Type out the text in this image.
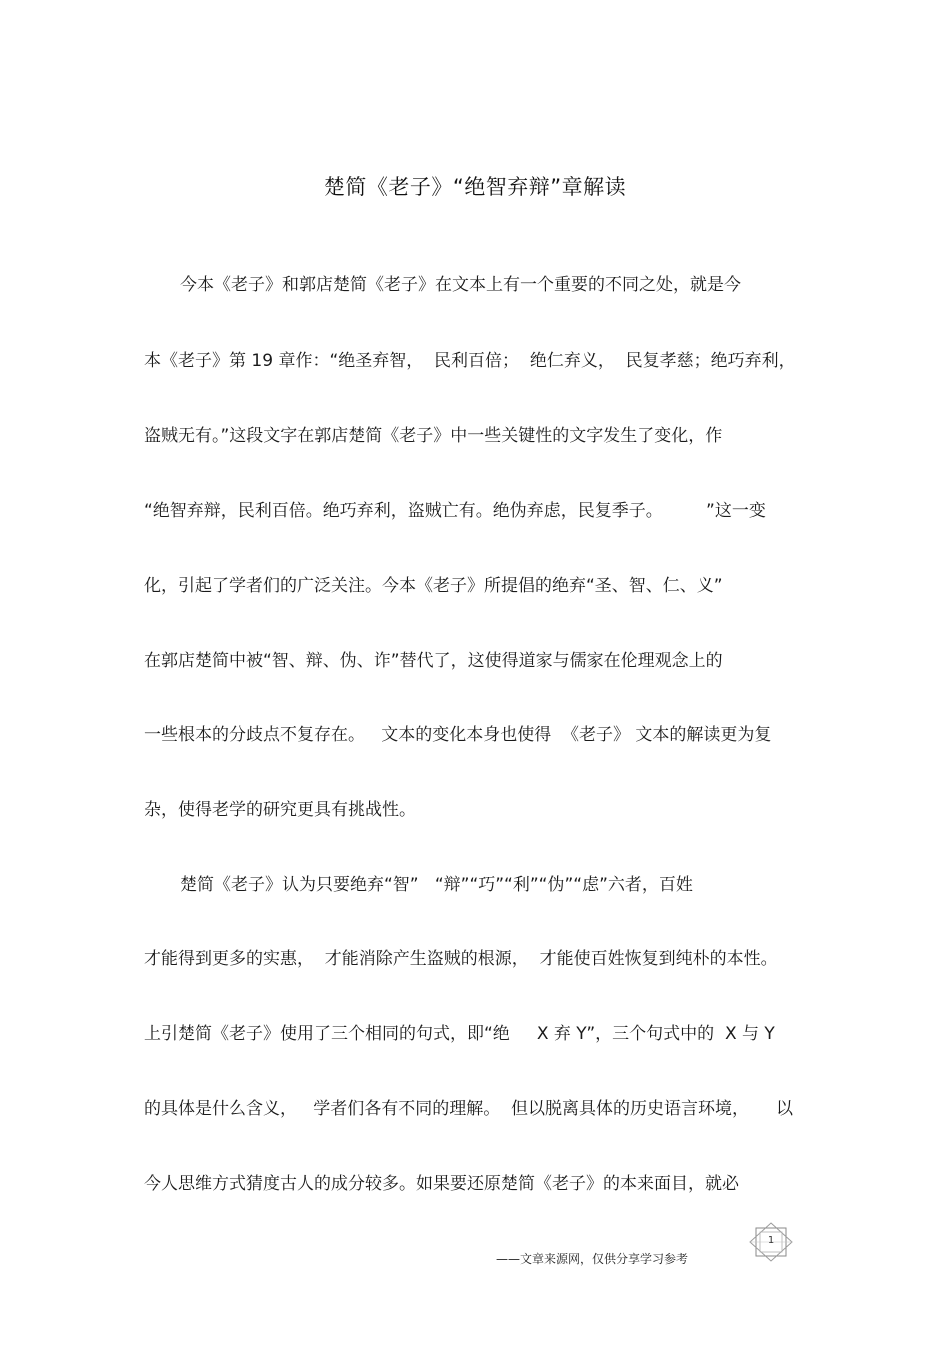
楚简《老子》“绝智弃辩”章解读
今本《老子》和郭店楚简《老子》在文本上有一个重要的不同之处，就是今
本《老子》第 19 章作：“绝圣弃智，  民利百倍；  绝仁弃义，  民复孝慈；绝巧弃利，
盗贼无有。”这段文字在郭店楚简《老子》中一些关键性的文字发生了变化，作
“绝智弃辩，民利百倍。绝巧弃利，盗贼亡有。绝伪弃虑，民复季子。        ”这一变
化，引起了学者们的广泛关注。今本《老子》所提倡的绝弃“圣、智、仁、义”
在郭店楚简中被“智、辩、伪、诈”替代了，这使得道家与儒家在伦理观念上的
一些根本的分歧点不复存在。   文本的变化本身也使得  《老子》 文本的解读更为复
杂，使得老学的研究更具有挑战性。
楚简《老子》认为只要绝弃“智”   “辩”“巧”“利”“伪”“虑”六者，百姓
才能得到更多的实惠，  才能消除产生盗贼的根源，  才能使百姓恢复到纯朴的本性。
上引楚简《老子》使用了三个相同的句式，即“绝     X 弃 Y”，三个句式中的  X 与 Y
的具体是什么含义，   学者们各有不同的理解。  但以脱离具体的历史语言环境，     以
今人思维方式猜度古人的成分较多。如果要还原楚简《老子》的本来面目，就必
——文章来源网，仅供分享学习参考
1
